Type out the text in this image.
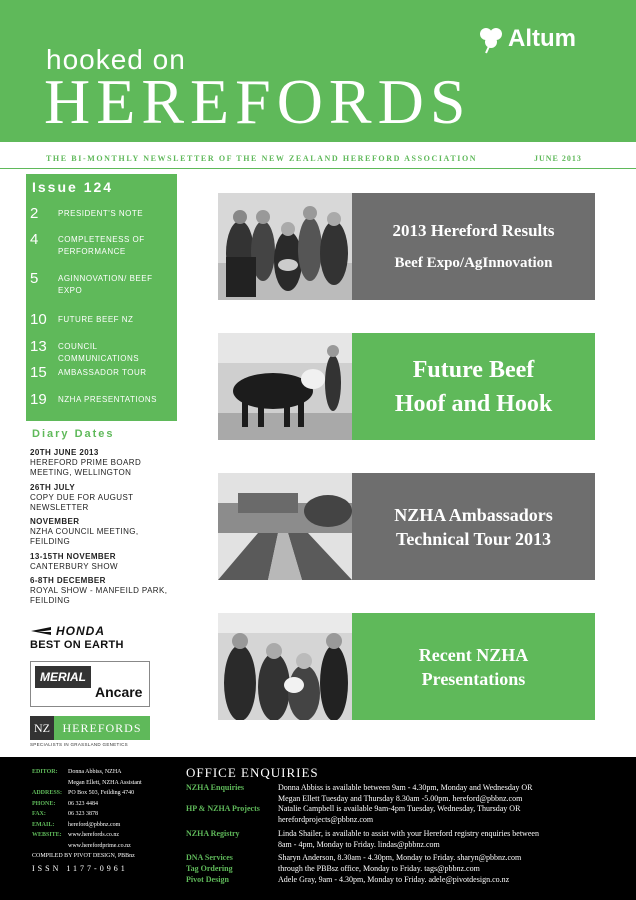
hooked on
HEREFORDS
Altum
THE BI-MONTHLY NEWSLETTER OF THE NEW ZEALAND HEREFORD ASSOCIATION	JUNE 2013
Issue 124
2	PRESIDENT'S NOTE
4	COMPLETENESS OF PERFORMANCE
5	AGINNOVATION/ BEEF EXPO
10	FUTURE BEEF NZ
13	COUNCIL COMMUNICATIONS
15	AMBASSADOR TOUR
19	NZHA PRESENTATIONS
Diary Dates
20TH JUNE 2013
HEREFORD PRIME BOARD MEETING, WELLINGTON
26TH JULY
COPY DUE FOR AUGUST NEWSLETTER
NOVEMBER
NZHA COUNCIL MEETING, FEILDING
13-15TH NOVEMBER
CANTERBURY SHOW
6-8TH DECEMBER
ROYAL SHOW - MANFEILD PARK, FEILDING
HONDA
BEST ON EARTH
MERIAL
Ancare
NZ	HEREFORDS
SPECIALISTS IN GRASSLAND GENETICS
2013 Hereford Results
Beef Expo/AgInnovation
Future Beef
Hoof and Hook
NZHA Ambassadors
Technical Tour 2013
Recent NZHA
Presentations
EDITOR:	Donna Abbiss, NZHA
Megan Ellett, NZHA Assistant
ADDRESS: PO Box 503, Feilding 4740
PHONE:	06 323 4484
FAX:	06 323 3878
EMAIL:	hereford@pbbnz.com
WEBSITE:	www.herefords.co.nz
www.herefordprime.co.nz
COMPILED BY PIVOT DESIGN, PBBnz
ISSN 1177-0961
OFFICE ENQUIRIES
NZHA Enquiries	Donna Abbiss is available between 9am - 4.30pm, Monday and Wednesday OR
Megan Ellett Tuesday and Thursday 8.30am -5.00pm. hereford@pbbnz.com
HP & NZHA Projects	Natalie Campbell is available 9am-4pm Tuesday, Wednesday, Thursday OR
herefordprojects@pbbnz.com
NZHA Registry	Linda Shailer, is available to assist with your Hereford registry enquiries between
8am - 4pm, Monday to Friday. lindas@pbbnz.com
DNA Services	Sharyn Anderson, 8.30am - 4.30pm, Monday to Friday. sharyn@pbbnz.com
Tag Ordering	through the PBBsz office, Monday to Friday. tags@pbbnz.com
Pivot Design	Adele Gray, 9am - 4.30pm, Monday to Friday. adele@pivotdesign.co.nz
